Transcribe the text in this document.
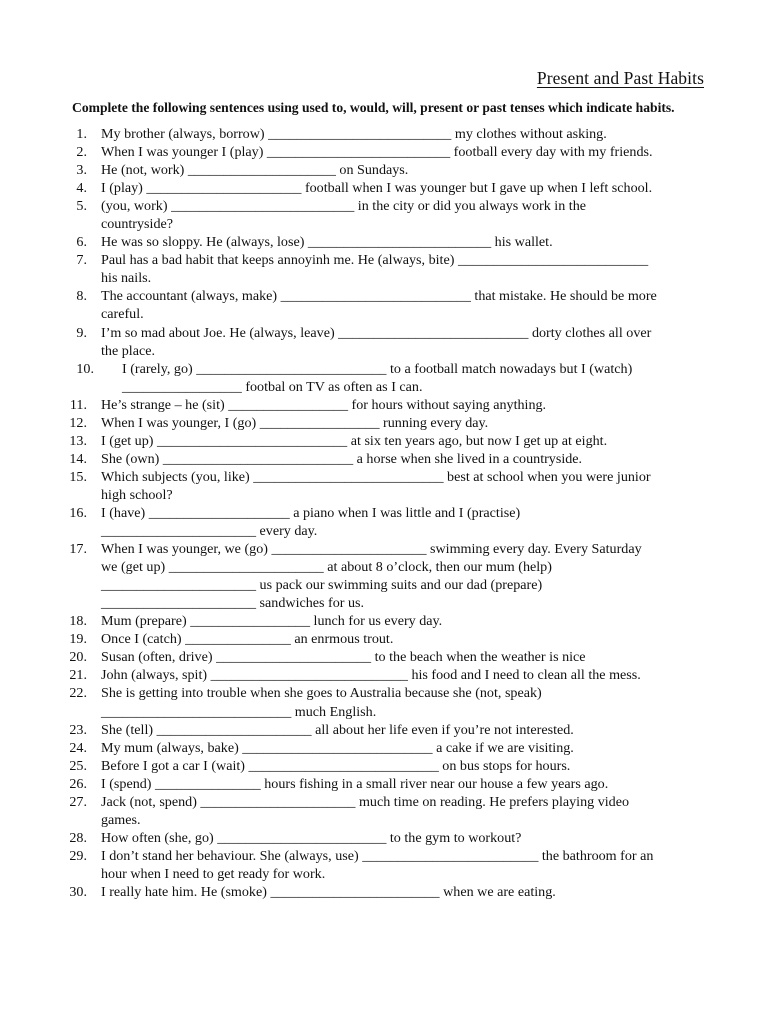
Present and Past Habits

Complete the following sentences using used to, would, will, present or past tenses which indicate habits.

1. My brother (always, borrow) __________________________ my clothes without asking.
2. When I was younger I (play) __________________________ football every day with my friends.
3. He (not, work) _____________________ on Sundays.
4. I (play) ______________________ football when I was younger but I gave up when I left school.
5. (you, work) __________________________ in the city or did you always work in the
countryside?
6. He was so sloppy. He (always, lose) __________________________ his wallet.
7. Paul has a bad habit that keeps annoyinh me. He (always, bite) ___________________________
his nails.
8. The accountant (always, make) ___________________________ that mistake. He should be more
careful.
9. I’m so mad about Joe. He (always, leave) ___________________________ dorty clothes all over
the place.
10. I (rarely, go) ___________________________ to a football match nowadays but I (watch)
_________________ footbal on TV as often as I can.
11. He’s strange – he (sit) _________________ for hours without saying anything.
12. When I was younger, I (go) _________________ running every day.
13. I (get up) ___________________________ at six ten years ago, but now I get up at eight.
14. She (own) ___________________________ a horse when she lived in a countryside.
15. Which subjects (you, like) ___________________________ best at school when you were junior
high school?
16. I (have) ____________________ a piano when I was little and I (practise)
______________________ every day.
17. When I was younger, we (go) ______________________ swimming every day. Every Saturday
we (get up) ______________________ at about 8 o’clock, then our mum (help)
______________________ us pack our swimming suits and our dad (prepare)
______________________ sandwiches for us.
18. Mum (prepare) _________________ lunch for us every day.
19. Once I (catch) _______________ an enrmous trout.
20. Susan (often, drive) ______________________ to the beach when the weather is nice
21. John (always, spit) ____________________________ his food and I need to clean all the mess.
22. She is getting into trouble when she goes to Australia because she (not, speak)
___________________________ much English.
23. She (tell) ______________________ all about her life even if you’re not interested.
24. My mum (always, bake) ___________________________ a cake if we are visiting.
25. Before I got a car I (wait) ___________________________ on bus stops for hours.
26. I (spend) _______________ hours fishing in a small river near our house a few years ago.
27. Jack (not, spend) ______________________ much time on reading. He prefers playing video
games.
28. How often (she, go) ________________________ to the gym to workout?
29. I don’t stand her behaviour. She (always, use) _________________________ the bathroom for an
hour when I need to get ready for work.
30. I really hate him. He (smoke) ________________________ when we are eating.
